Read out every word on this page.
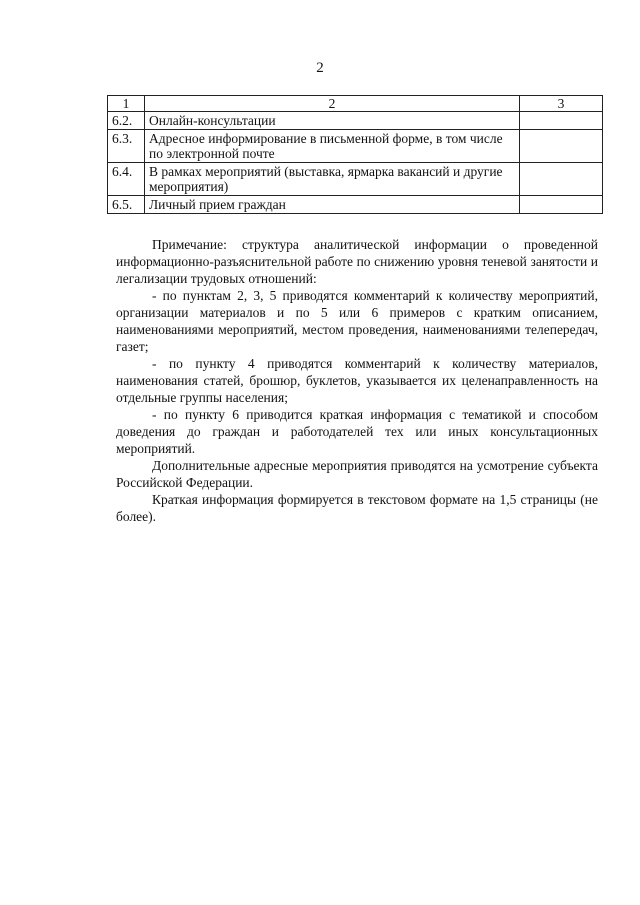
2
1	2	3
6.2.	Онлайн-консультации	
6.3.	Адресное информирование в письменной форме, в том числе по электронной почте	
6.4.	В рамках мероприятий (выставка, ярмарка вакансий и другие мероприятия)	
6.5.	Личный прием граждан	

Примечание: структура аналитической информации о проведенной информационно-разъяснительной работе по снижению уровня теневой занятости и легализации трудовых отношений:

- по пунктам 2, 3, 5 приводятся комментарий к количеству мероприятий, организации материалов и по 5 или 6 примеров с кратким описанием, наименованиями мероприятий, местом проведения, наименованиями телепередач, газет;

- по пункту 4 приводятся комментарий к количеству материалов, наименования статей, брошюр, буклетов, указывается их целенаправленность на отдельные группы населения;

- по пункту 6 приводится краткая информация с тематикой и способом доведения до граждан и работодателей тех или иных консультационных мероприятий.

Дополнительные адресные мероприятия приводятся на усмотрение субъекта Российской Федерации.

Краткая информация формируется в текстовом формате на 1,5 страницы (не более).
